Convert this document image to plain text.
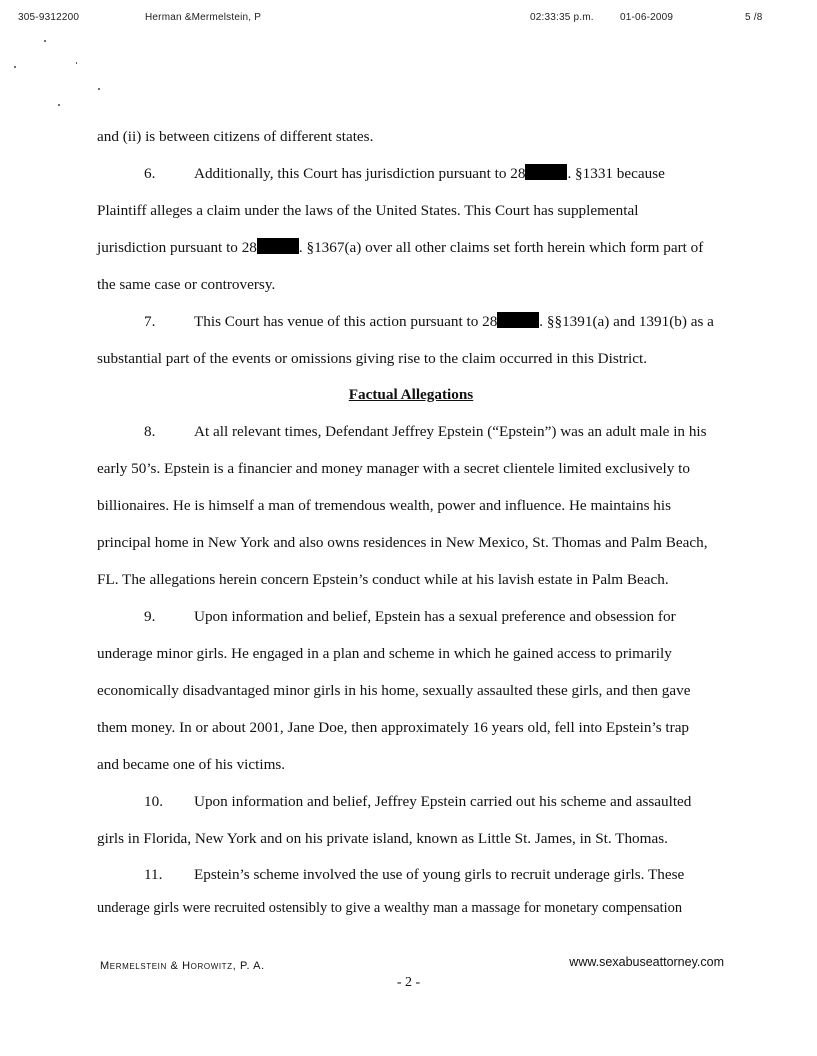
305-9312200	Herman &Mermelstein, P	02:33:35 p.m.	01-06-2009	5 /8
and (ii) is between citizens of different states.
6.	Additionally, this Court has jurisdiction pursuant to 28	. §1331 because
Plaintiff alleges a claim under the laws of the United States. This Court has supplemental
jurisdiction pursuant to 28	. §1367(a) over all other claims set forth herein which form part of
the same case or controversy.
7.	This Court has venue of this action pursuant to 28	. §§1391(a) and 1391(b) as a
substantial part of the events or omissions giving rise to the claim occurred in this District.
Factual Allegations
8.	At all relevant times, Defendant Jeffrey Epstein (“Epstein”) was an adult male in his
early 50’s. Epstein is a financier and money manager with a secret clientele limited exclusively to
billionaires. He is himself a man of tremendous wealth, power and influence. He maintains his
principal home in New York and also owns residences in New Mexico, St. Thomas and Palm Beach,
FL. The allegations herein concern Epstein’s conduct while at his lavish estate in Palm Beach.
9.	Upon information and belief, Epstein has a sexual preference and obsession for
underage minor girls. He engaged in a plan and scheme in which he gained access to primarily
economically disadvantaged minor girls in his home, sexually assaulted these girls, and then gave
them money. In or about 2001, Jane Doe, then approximately 16 years old, fell into Epstein’s trap
and became one of his victims.
10. Upon information and belief, Jeffrey Epstein carried out his scheme and assaulted
girls in Florida, New York and on his private island, known as Little St. James, in St. Thomas.
11. Epstein’s scheme involved the use of young girls to recruit underage girls. These
underage girls were recruited ostensibly to give a wealthy man a massage for monetary compensation
Mermelstein & Horowitz, P. A.	www.sexabuseattorney.com
- 2 -
